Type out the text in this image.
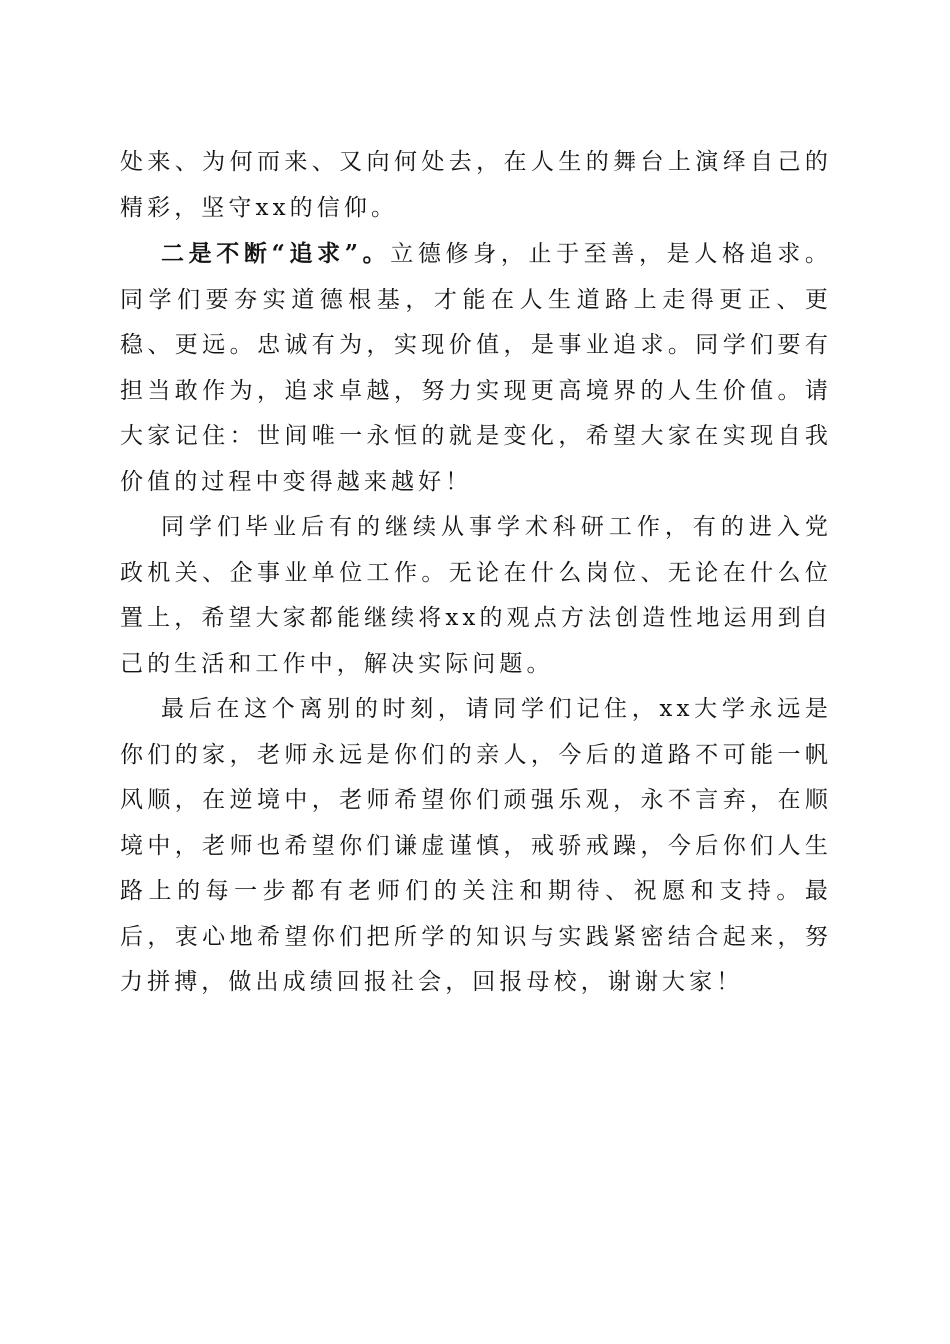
处来、为何而来、又向何处去，在人生的舞台上演绎自己的精彩，坚守xx的信仰。

二是不断“追求”。立德修身，止于至善，是人格追求。同学们要夯实道德根基，才能在人生道路上走得更正、更稳、更远。忠诚有为，实现价值，是事业追求。同学们要有担当敢作为，追求卓越，努力实现更高境界的人生价值。请大家记住：世间唯一永恒的就是变化，希望大家在实现自我价值的过程中变得越来越好！

同学们毕业后有的继续从事学术科研工作，有的进入党政机关、企事业单位工作。无论在什么岗位、无论在什么位置上，希望大家都能继续将xx的观点方法创造性地运用到自己的生活和工作中，解决实际问题。

最后在这个离别的时刻，请同学们记住，xx大学永远是你们的家，老师永远是你们的亲人，今后的道路不可能一帆风顺，在逆境中，老师希望你们顽强乐观，永不言弃，在顺境中，老师也希望你们谦虚谨慎，戒骄戒躁，今后你们人生路上的每一步都有老师们的关注和期待、祝愿和支持。最后，衷心地希望你们把所学的知识与实践紧密结合起来，努力拼搏，做出成绩回报社会，回报母校，谢谢大家！
